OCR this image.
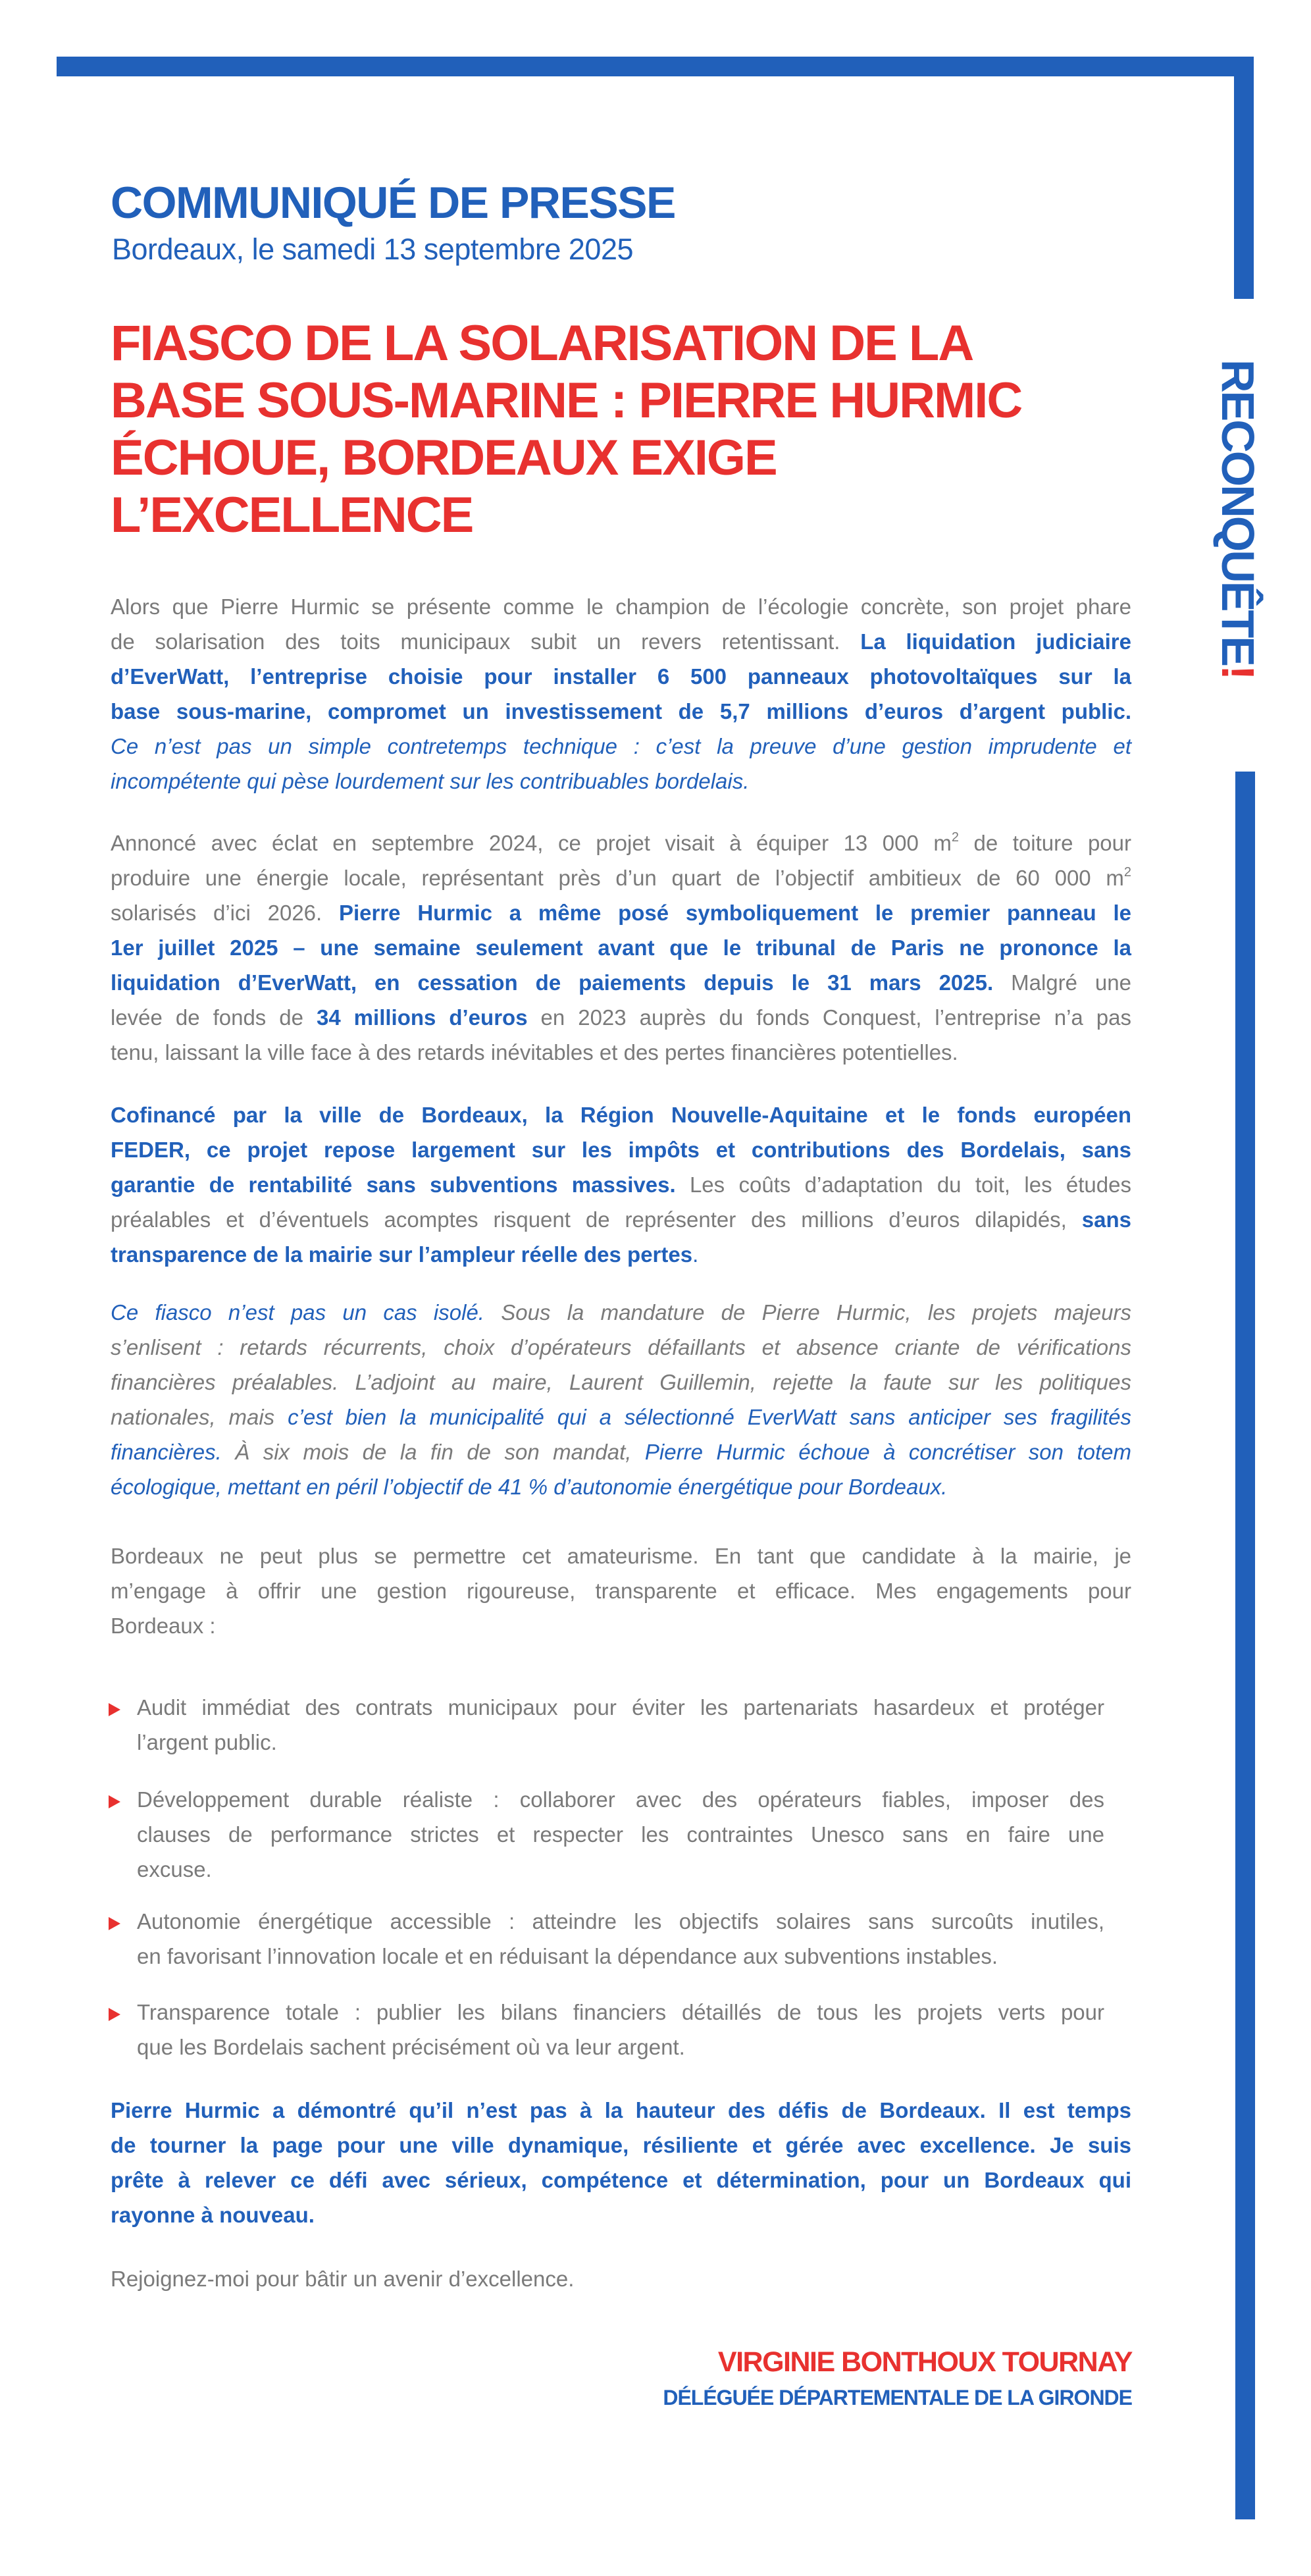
RECONQUÊTE!
COMMUNIQUÉ DE PRESSE
Bordeaux, le samedi 13 septembre 2025
FIASCO DE LA SOLARISATION DE LA
BASE SOUS-MARINE : PIERRE HURMIC
ÉCHOUE, BORDEAUX EXIGE
L’EXCELLENCE
Alors que Pierre Hurmic se présente comme le champion de l’écologie concrète, son projet phare
de solarisation des toits municipaux subit un revers retentissant. La liquidation judiciaire
d’EverWatt, l’entreprise choisie pour installer 6 500 panneaux photovoltaïques sur la
base sous-marine, compromet un investissement de 5,7 millions d’euros d’argent public.
Ce n’est pas un simple contretemps technique : c’est la preuve d’une gestion imprudente et
incompétente qui pèse lourdement sur les contribuables bordelais.
Annoncé avec éclat en septembre 2024, ce projet visait à équiper 13 000 $m^2$ de toiture pour
produire une énergie locale, représentant près d’un quart de l’objectif ambitieux de 60 000 $m^2$
solarisés d’ici 2026. Pierre Hurmic a même posé symboliquement le premier panneau le
1er juillet 2025 – une semaine seulement avant que le tribunal de Paris ne prononce la
liquidation d’EverWatt, en cessation de paiements depuis le 31 mars 2025. Malgré une
levée de fonds de 34 millions d’euros en 2023 auprès du fonds Conquest, l’entreprise n’a pas
tenu, laissant la ville face à des retards inévitables et des pertes financières potentielles.
Cofinancé par la ville de Bordeaux, la Région Nouvelle-Aquitaine et le fonds européen
FEDER, ce projet repose largement sur les impôts et contributions des Bordelais, sans
garantie de rentabilité sans subventions massives. Les coûts d’adaptation du toit, les études
préalables et d’éventuels acomptes risquent de représenter des millions d’euros dilapidés, sans
transparence de la mairie sur l’ampleur réelle des pertes.
Ce fiasco n’est pas un cas isolé. Sous la mandature de Pierre Hurmic, les projets majeurs
s’enlisent : retards récurrents, choix d’opérateurs défaillants et absence criante de vérifications
financières préalables. L’adjoint au maire, Laurent Guillemin, rejette la faute sur les politiques
nationales, mais c’est bien la municipalité qui a sélectionné EverWatt sans anticiper ses fragilités
financières. À six mois de la fin de son mandat, Pierre Hurmic échoue à concrétiser son totem
écologique, mettant en péril l’objectif de 41 % d’autonomie énergétique pour Bordeaux.
Bordeaux ne peut plus se permettre cet amateurisme. En tant que candidate à la mairie, je
m’engage à offrir une gestion rigoureuse, transparente et efficace. Mes engagements pour
Bordeaux :
Audit immédiat des contrats municipaux pour éviter les partenariats hasardeux et protéger
l’argent public.
Développement durable réaliste : collaborer avec des opérateurs fiables, imposer des
clauses de performance strictes et respecter les contraintes Unesco sans en faire une
excuse.
Autonomie énergétique accessible : atteindre les objectifs solaires sans surcoûts inutiles,
en favorisant l’innovation locale et en réduisant la dépendance aux subventions instables.
Transparence totale : publier les bilans financiers détaillés de tous les projets verts pour
que les Bordelais sachent précisément où va leur argent.
Pierre Hurmic a démontré qu’il n’est pas à la hauteur des défis de Bordeaux. Il est temps
de tourner la page pour une ville dynamique, résiliente et gérée avec excellence. Je suis
prête à relever ce défi avec sérieux, compétence et détermination, pour un Bordeaux qui
rayonne à nouveau.
Rejoignez-moi pour bâtir un avenir d’excellence.
VIRGINIE BONTHOUX TOURNAY
DÉLÉGUÉE DÉPARTEMENTALE DE LA GIRONDE
